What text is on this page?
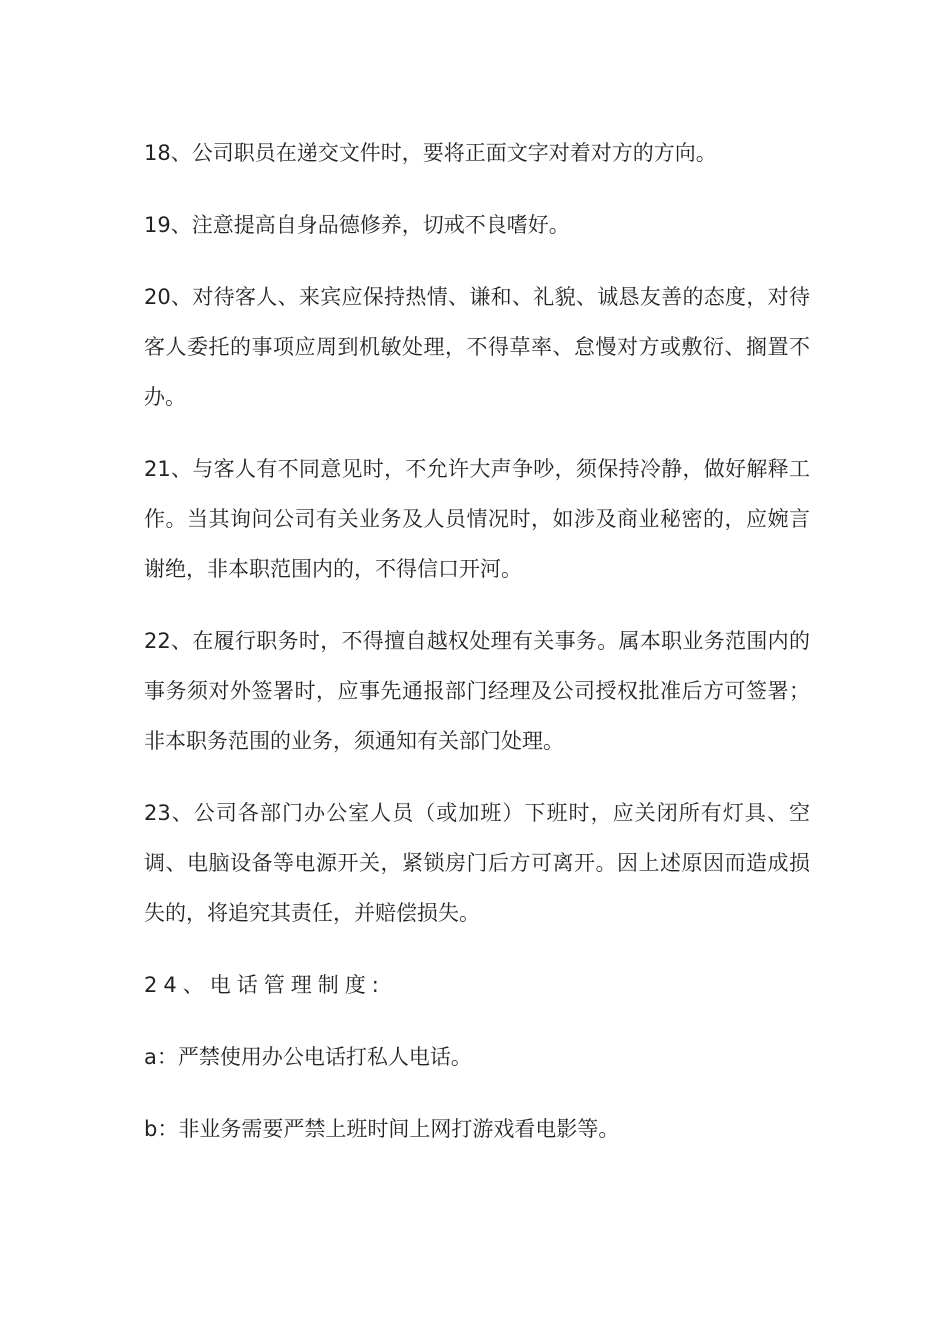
18、公司职员在递交文件时，要将正面文字对着对方的方向。

19、注意提高自身品德修养，切戒不良嗜好。

20、对待客人、来宾应保持热情、谦和、礼貌、诚恳友善的态度，对待客人委托的事项应周到机敏处理，不得草率、怠慢对方或敷衍、搁置不办。

21、与客人有不同意见时，不允许大声争吵，须保持冷静，做好解释工作。当其询问公司有关业务及人员情况时，如涉及商业秘密的，应婉言谢绝，非本职范围内的，不得信口开河。

22、在履行职务时，不得擅自越权处理有关事务。属本职业务范围内的事务须对外签署时，应事先通报部门经理及公司授权批准后方可签署；非本职务范围的业务，须通知有关部门处理。

23、公司各部门办公室人员（或加班）下班时，应关闭所有灯具、空调、电脑设备等电源开关，紧锁房门后方可离开。因上述原因而造成损失的，将追究其责任，并赔偿损失。

24、电话管理制度:

a：严禁使用办公电话打私人电话。

b：非业务需要严禁上班时间上网打游戏看电影等。
